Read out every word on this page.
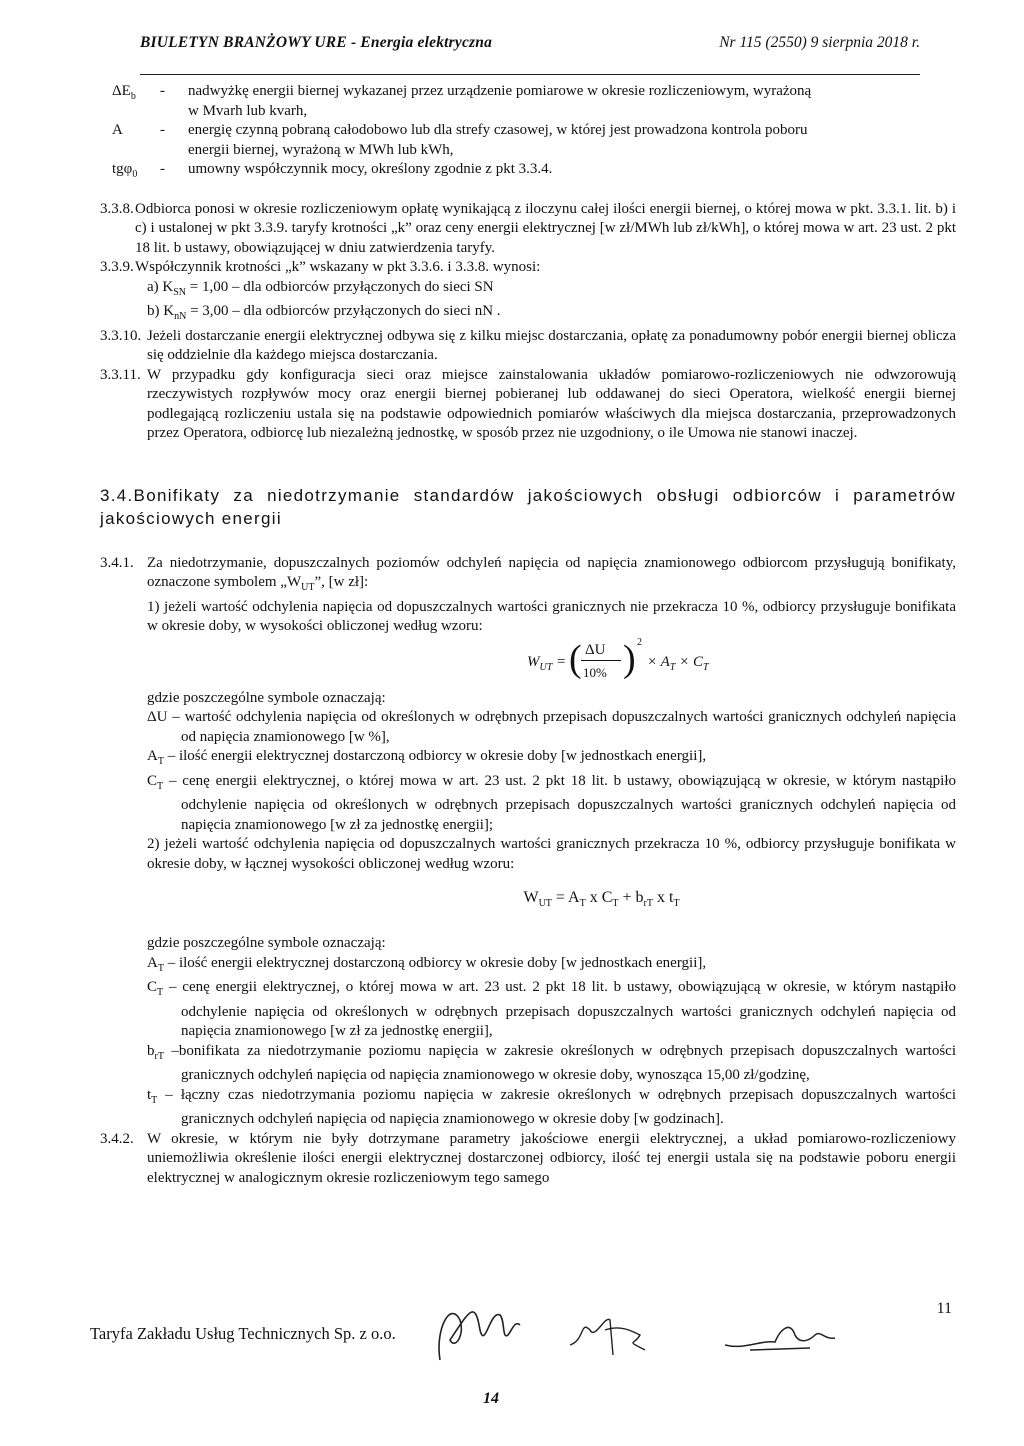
BIULETYN BRANŻOWY URE - Energia elektryczna	Nr 115 (2550) 9 sierpnia 2018 r.
$\Delta E_b$	- nadwyżkę energii biernej wykazanej przez urządzenie pomiarowe w okresie rozliczeniowym, wyrażoną
w Mvarh lub kvarh,
A	- energię czynną pobraną całodobowo lub dla strefy czasowej, w której jest prowadzona kontrola poboru
energii biernej, wyrażoną w MWh lub kWh,
tgφ$_0$	- umowny współczynnik mocy, określony zgodnie z pkt 3.3.4.
3.3.8. Odbiorca ponosi w okresie rozliczeniowym opłatę wynikającą z iloczynu całej ilości energii biernej, o której mowa w pkt. 3.3.1. lit. b) i c) i ustalonej w pkt 3.3.9. taryfy krotności „k” oraz ceny energii elektrycznej [w zł/MWh lub zł/kWh], o której mowa w art. 23 ust. 2 pkt 18 lit. b ustawy, obowiązującej w dniu zatwierdzenia taryfy.
3.3.9. Współczynnik krotności „k” wskazany w pkt 3.3.6. i 3.3.8. wynosi:
a) $K_{SN} = 1,00$ – dla odbiorców przyłączonych do sieci SN
b) $K_{nN} = 3,00$ – dla odbiorców przyłączonych do sieci nN .
3.3.10. Jeżeli dostarczanie energii elektrycznej odbywa się z kilku miejsc dostarczania, opłatę za ponadumowny pobór energii biernej oblicza się oddzielnie dla każdego miejsca dostarczania.
3.3.11. W przypadku gdy konfiguracja sieci oraz miejsce zainstalowania układów pomiarowo-rozliczeniowych nie odwzorowują rzeczywistych rozpływów mocy oraz energii biernej pobieranej lub oddawanej do sieci Operatora, wielkość energii biernej podlegającą rozliczeniu ustala się na podstawie odpowiednich pomiarów właściwych dla miejsca dostarczania, przeprowadzonych przez Operatora, odbiorcę lub niezależną jednostkę, w sposób przez nie uzgodniony, o ile Umowa nie stanowi inaczej.
3.4.Bonifikaty za niedotrzymanie standardów jakościowych obsługi odbiorców i parametrów
jakościowych energii
3.4.1. Za niedotrzymanie, dopuszczalnych poziomów odchyleń napięcia od napięcia znamionowego odbiorcom przysługują bonifikaty, oznaczone symbolem $„W_{UT}$”, [w zł]:
1) jeżeli wartość odchylenia napięcia od dopuszczalnych wartości granicznych nie przekracza 10 %, odbiorcy przysługuje bonifikata w okresie doby, w wysokości obliczonej według wzoru:
$W_{UT}$ = ( ΔU
10% ) 2
× $A_T \times C_T$
gdzie poszczególne symbole oznaczają:
ΔU – wartość odchylenia napięcia od określonych w odrębnych przepisach dopuszczalnych wartości granicznych odchyleń napięcia od napięcia znamionowego [w %],
$A_T$ – ilość energii elektrycznej dostarczoną odbiorcy w okresie doby [w jednostkach energii],
$C_T$ – cenę energii elektrycznej, o której mowa w art. 23 ust. 2 pkt 18 lit. b ustawy, obowiązującą w okresie, w którym nastąpiło odchylenie napięcia od określonych w odrębnych przepisach dopuszczalnych wartości granicznych odchyleń napięcia od napięcia znamionowego [w zł za jednostkę energii];
2) jeżeli wartość odchylenia napięcia od dopuszczalnych wartości granicznych przekracza 10 %, odbiorcy przysługuje bonifikata w okresie doby, w łącznej wysokości obliczonej według wzoru:
$W_{UT} = A_T$ x $C_T + b_{rT}$ x $t_T$
gdzie poszczególne symbole oznaczają:
$A_T$ – ilość energii elektrycznej dostarczoną odbiorcy w okresie doby [w jednostkach energii],
$C_T$ – cenę energii elektrycznej, o której mowa w art. 23 ust. 2 pkt 18 lit. b ustawy, obowiązującą w okresie, w którym nastąpiło odchylenie napięcia od określonych w odrębnych przepisach dopuszczalnych wartości granicznych odchyleń napięcia od napięcia znamionowego [w zł za jednostkę energii],
$b_{rT}$ –bonifikata za niedotrzymanie poziomu napięcia w zakresie określonych w odrębnych przepisach dopuszczalnych wartości granicznych odchyleń napięcia od napięcia znamionowego w okresie doby, wynosząca 15,00 zł/godzinę,
$t_T$ – łączny czas niedotrzymania poziomu napięcia w zakresie określonych w odrębnych przepisach dopuszczalnych wartości granicznych odchyleń napięcia od napięcia znamionowego w okresie doby [w godzinach].
3.4.2. W okresie, w którym nie były dotrzymane parametry jakościowe energii elektrycznej, a układ pomiarowo-rozliczeniowy uniemożliwia określenie ilości energii elektrycznej dostarczonej odbiorcy, ilość tej energii ustala się na podstawie poboru energii elektrycznej w analogicznym okresie rozliczeniowym tego samego
Taryfa Zakładu Usług Technicznych Sp. z o.o.
11
14
